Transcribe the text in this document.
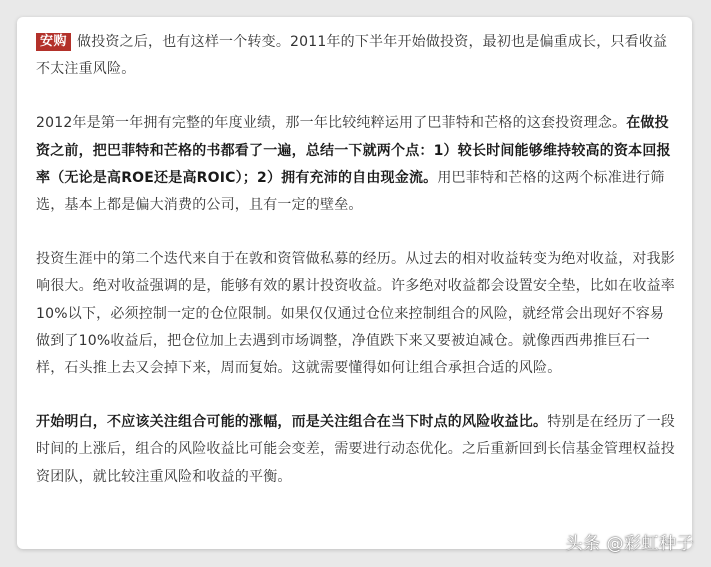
安购 做投资之后，也有这样一个转变。2011年的下半年开始做投资，最初也是偏重成长，只看收益不太注重风险。

2012年是第一年拥有完整的年度业绩，那一年比较纯粹运用了巴菲特和芒格的这套投资理念。在做投资之前，把巴菲特和芒格的书都看了一遍，总结一下就两个点：1）较长时间能够维持较高的资本回报率（无论是高ROE还是高ROIC）；2）拥有充沛的自由现金流。用巴菲特和芒格的这两个标准进行筛选，基本上都是偏大消费的公司，且有一定的壁垒。

投资生涯中的第二个迭代来自于在敦和资管做私募的经历。从过去的相对收益转变为绝对收益，对我影响很大。绝对收益强调的是，能够有效的累计投资收益。许多绝对收益都会设置安全垫，比如在收益率10%以下，必须控制一定的仓位限制。如果仅仅通过仓位来控制组合的风险，就经常会出现好不容易做到了10%收益后，把仓位加上去遇到市场调整，净值跌下来又要被迫减仓。就像西西弗推巨石一样，石头推上去又会掉下来，周而复始。这就需要懂得如何让组合承担合适的风险。

开始明白，不应该关注组合可能的涨幅，而是关注组合在当下时点的风险收益比。特别是在经历了一段时间的上涨后，组合的风险收益比可能会变差，需要进行动态优化。之后重新回到长信基金管理权益投资团队，就比较注重风险和收益的平衡。

头条 @彩虹种子
